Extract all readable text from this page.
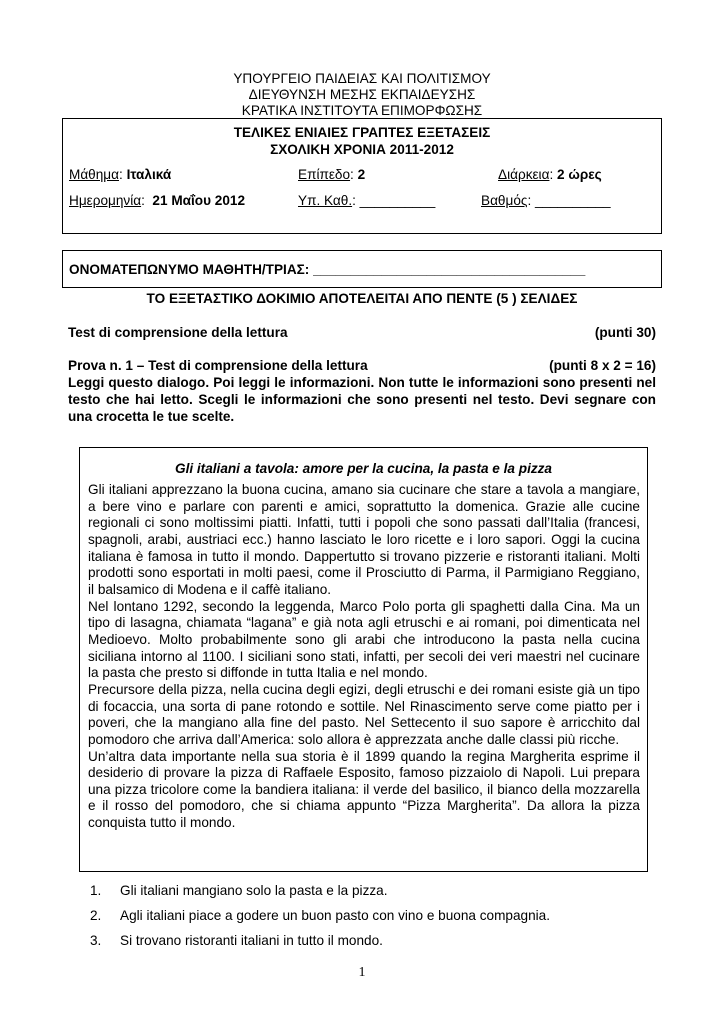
ΥΠΟΥΡΓΕΙΟ ΠΑΙΔΕΙΑΣ ΚΑΙ ΠΟΛΙΤΙΣΜΟΥ
ΔΙΕΥΘΥΝΣΗ ΜΕΣΗΣ ΕΚΠΑΙΔΕΥΣΗΣ
ΚΡΑΤΙΚΑ ΙΝΣΤΙΤΟΥΤΑ ΕΠΙΜΟΡΦΩΣΗΣ
ΤΕΛΙΚΕΣ ΕΝΙΑΙΕΣ ΓΡΑΠΤΕΣ ΕΞΕΤΑΣΕΙΣ
ΣΧΟΛΙΚΗ ΧΡΟΝΙΑ 2011-2012
Μάθημα: Ιταλικά	Επίπεδο: 2	Διάρκεια: 2 ώρες
Ημερομηνία:  21 Μαΐου 2012	Υπ. Καθ.: __________	Βαθμός: __________
ΟΝΟΜΑΤΕΠΩΝΥΜΟ ΜΑΘΗΤΗ/ΤΡΙΑΣ: ____________________________________
ΤΟ ΕΞΕΤΑΣΤΙΚΟ ΔΟΚΙΜΙΟ ΑΠΟΤΕΛΕΙΤΑΙ ΑΠΟ ΠΕΝΤΕ (5 ) ΣΕΛΙΔΕΣ
Test di comprensione della lettura	(punti 30)
Prova n. 1 – Test di comprensione della lettura	(punti 8 x 2 = 16)
Leggi questo dialogo. Poi leggi le informazioni. Non tutte le informazioni sono presenti nel testo che hai letto. Scegli le informazioni che sono presenti nel testo. Devi segnare con una crocetta le tue scelte.
Gli italiani a tavola: amore per la cucina, la pasta e la pizza

Gli italiani apprezzano la buona cucina, amano sia cucinare che stare a tavola a mangiare, a bere vino e parlare con parenti e amici, soprattutto la domenica. Grazie alle cucine regionali ci sono moltissimi piatti. Infatti, tutti i popoli che sono passati dall’Italia (francesi, spagnoli, arabi, austriaci ecc.) hanno lasciato le loro ricette e i loro sapori. Oggi la cucina italiana è famosa in tutto il mondo. Dappertutto si trovano pizzerie e ristoranti italiani. Molti prodotti sono esportati in molti paesi, come il Prosciutto di Parma, il Parmigiano Reggiano, il balsamico di Modena e il caffè italiano.

Nel lontano 1292, secondo la leggenda, Marco Polo porta gli spaghetti dalla Cina. Ma un tipo di lasagna, chiamata “lagana” e già nota agli etruschi e ai romani, poi dimenticata nel Medioevo. Molto probabilmente sono gli arabi che introducono la pasta nella cucina siciliana intorno al 1100. I siciliani sono stati, infatti, per secoli dei veri maestri nel cucinare la pasta che presto si diffonde in tutta Italia e nel mondo.

Precursore della pizza, nella cucina degli egizi, degli etruschi e dei romani esiste già un tipo di focaccia, una sorta di pane rotondo e sottile. Nel Rinascimento serve come piatto per i poveri, che la mangiano alla fine del pasto. Nel Settecento il suo sapore è arricchito dal pomodoro che arriva dall’America: solo allora è apprezzata anche dalle classi più ricche.

Un’altra data importante nella sua storia è il 1899 quando la regina Margherita esprime il desiderio di provare la pizza di Raffaele Esposito, famoso pizzaiolo di Napoli. Lui prepara una pizza tricolore come la bandiera italiana: il verde del basilico, il bianco della mozzarella e il rosso del pomodoro, che si chiama appunto “Pizza Margherita”. Da allora la pizza conquista tutto il mondo.

1. Gli italiani mangiano solo la pasta e la pizza.
2. Agli italiani piace a godere un buon pasto con vino e buona compagnia.
3. Si trovano ristoranti italiani in tutto il mondo.
1
